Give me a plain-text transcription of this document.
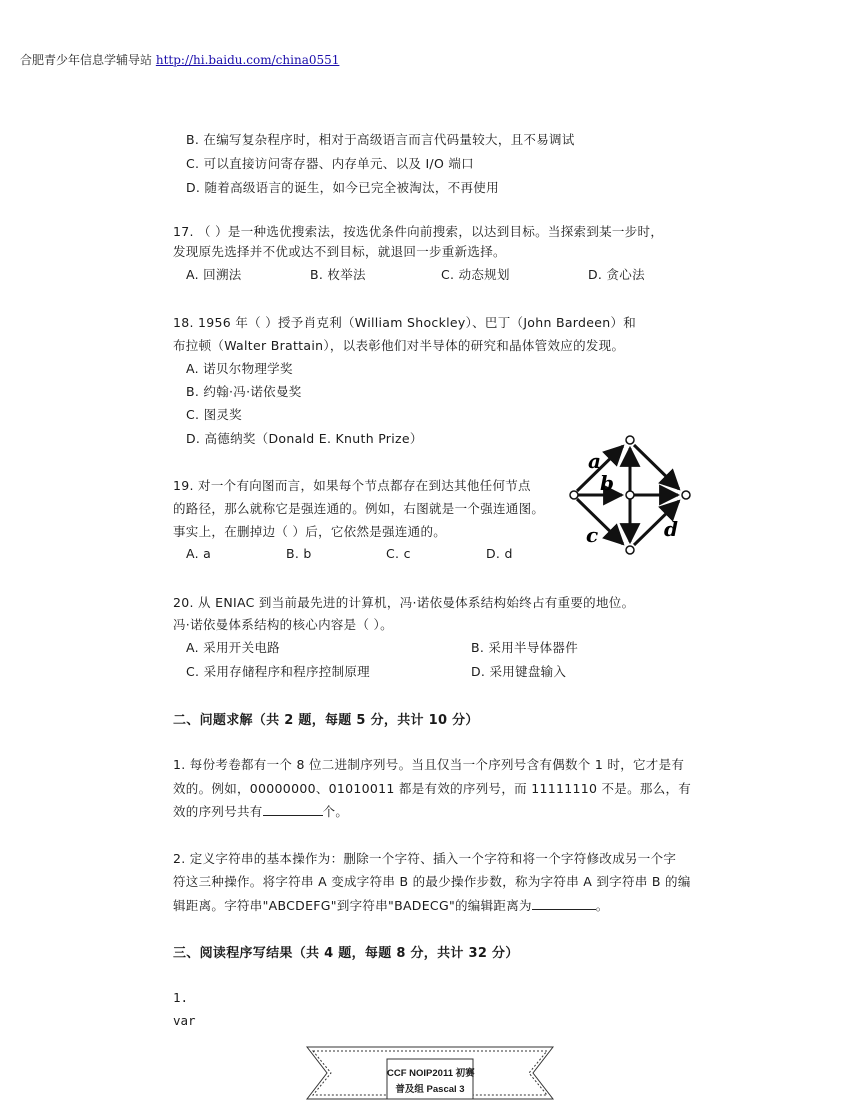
合肥青少年信息学辅导站 http://hi.baidu.com/china0551
B. 在编写复杂程序时，相对于高级语言而言代码量较大，且不易调试
C. 可以直接访问寄存器、内存单元、以及 I/O 端口
D. 随着高级语言的诞生，如今已完全被淘汰，不再使用
17. （ ）是一种选优搜索法，按选优条件向前搜索，以达到目标。当探索到某一步时，
发现原先选择并不优或达不到目标，就退回一步重新选择。
A. 回溯法	B. 枚举法	C. 动态规划	D. 贪心法
18. 1956 年（ ）授予肖克利（William Shockley）、巴丁（John Bardeen）和
布拉顿（Walter Brattain），以表彰他们对半导体的研究和晶体管效应的发现。
A. 诺贝尔物理学奖
B. 约翰·冯·诺依曼奖
C. 图灵奖
D. 高德纳奖（Donald E. Knuth Prize）
19. 对一个有向图而言，如果每个节点都存在到达其他任何节点
的路径，那么就称它是强连通的。例如，右图就是一个强连通图。
事实上，在删掉边（ ）后，它依然是强连通的。
A. a	B. b	C. c	D. d
a
b
c	d
20. 从 ENIAC 到当前最先进的计算机，冯·诺依曼体系结构始终占有重要的地位。
冯·诺依曼体系结构的核心内容是（ ）。
A. 采用开关电路	B. 采用半导体器件
C. 采用存储程序和程序控制原理	D. 采用键盘输入
二、问题求解（共 2 题，每题 5 分，共计 10 分）
1. 每份考卷都有一个 8 位二进制序列号。当且仅当一个序列号含有偶数个 1 时，它才是有
效的。例如，00000000、01010011 都是有效的序列号，而 11111110 不是。那么，有
效的序列号共有	个。
2. 定义字符串的基本操作为：删除一个字符、插入一个字符和将一个字符修改成另一个字
符这三种操作。将字符串 A 变成字符串 B 的最少操作步数，称为字符串 A 到字符串 B 的编
辑距离。字符串"ABCDEFG"到字符串"BADECG"的编辑距离为	。
三、阅读程序写结果（共 4 题，每题 8 分，共计 32 分）
1.
var
CCF NOIP2011 初赛
普及组 Pascal 3
